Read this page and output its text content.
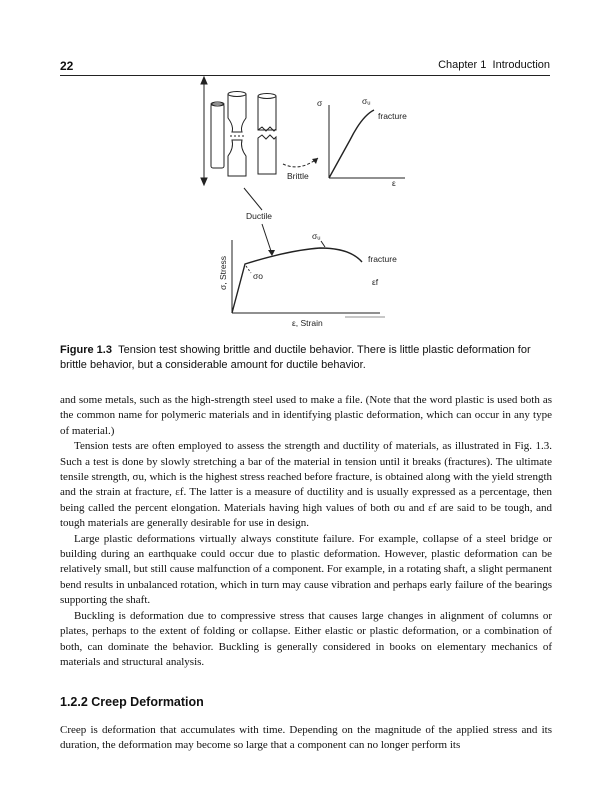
22	Chapter 1 Introduction
σ	σᵤ
fracture
ε
Brittle
Ductile
σᵤ
fracture
εf
σo
σ, Stress
ε, Strain
Figure 1.3 Tension test showing brittle and ductile behavior. There is little plastic deformation for brittle behavior, but a considerable amount for ductile behavior.

and some metals, such as the high-strength steel used to make a file. (Note that the word plastic is used both as the common name for polymeric materials and in identifying plastic deformation, which can occur in any type of material.)

Tension tests are often employed to assess the strength and ductility of materials, as illustrated in Fig. 1.3. Such a test is done by slowly stretching a bar of the material in tension until it breaks (fractures). The ultimate tensile strength, σu, which is the highest stress reached before fracture, is obtained along with the yield strength and the strain at fracture, εf. The latter is a measure of ductility and is usually expressed as a percentage, then being called the percent elongation. Materials having high values of both σu and εf are said to be tough, and tough materials are generally desirable for use in design.

Large plastic deformations virtually always constitute failure. For example, collapse of a steel bridge or building during an earthquake could occur due to plastic deformation. However, plastic deformation can be relatively small, but still cause malfunction of a component. For example, in a rotating shaft, a slight permanent bend results in unbalanced rotation, which in turn may cause vibration and perhaps early failure of the bearings supporting the shaft.

Buckling is deformation due to compressive stress that causes large changes in alignment of columns or plates, perhaps to the extent of folding or collapse. Either elastic or plastic deformation, or a combination of both, can dominate the behavior. Buckling is generally considered in books on elementary mechanics of materials and structural analysis.

1.2.2 Creep Deformation

Creep is deformation that accumulates with time. Depending on the magnitude of the applied stress and its duration, the deformation may become so large that a component can no longer perform its
